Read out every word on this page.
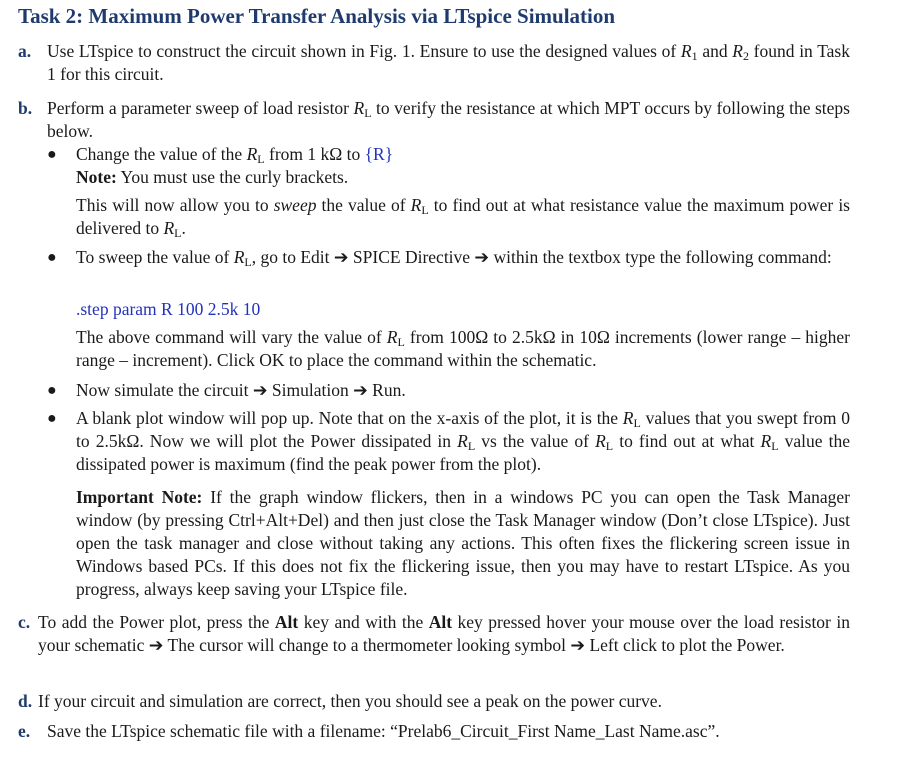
Task 2: Maximum Power Transfer Analysis via LTspice Simulation
a. Use LTspice to construct the circuit shown in Fig. 1. Ensure to use the designed values of $R_1$ and $R_2$ found in Task 1 for this circuit.
b. Perform a parameter sweep of load resistor $R_L$ to verify the resistance at which MPT occurs by following the steps below.
● Change the value of the $R_L$ from 1 kΩ to {R}
Note: You must use the curly brackets.
This will now allow you to sweep the value of $R_L$ to find out at what resistance value the maximum power is delivered to $R_L$.
● To sweep the value of $R_L$, go to Edit ➔ SPICE Directive ➔ within the textbox type the following command:
.step param R 100 2.5k 10
The above command will vary the value of $R_L$ from 100Ω to 2.5kΩ in 10Ω increments (lower range – higher range – increment). Click OK to place the command within the schematic.
● Now simulate the circuit ➔ Simulation ➔ Run.
● A blank plot window will pop up. Note that on the x-axis of the plot, it is the $R_L$ values that you swept from 0 to 2.5kΩ. Now we will plot the Power dissipated in $R_L$ vs the value of $R_L$ to find out at what $R_L$ value the dissipated power is maximum (find the peak power from the plot).
Important Note: If the graph window flickers, then in a windows PC you can open the Task Manager window (by pressing Ctrl+Alt+Del) and then just close the Task Manager window (Don’t close LTspice). Just open the task manager and close without taking any actions. This often fixes the flickering screen issue in Windows based PCs. If this does not fix the flickering issue, then you may have to restart LTspice. As you progress, always keep saving your LTspice file.
c. To add the Power plot, press the Alt key and with the Alt key pressed hover your mouse over the load resistor in your schematic ➔ The cursor will change to a thermometer looking symbol ➔ Left click to plot the Power.
d. If your circuit and simulation are correct, then you should see a peak on the power curve.
e. Save the LTspice schematic file with a filename: “Prelab6_Circuit_First Name_Last Name.asc”.
